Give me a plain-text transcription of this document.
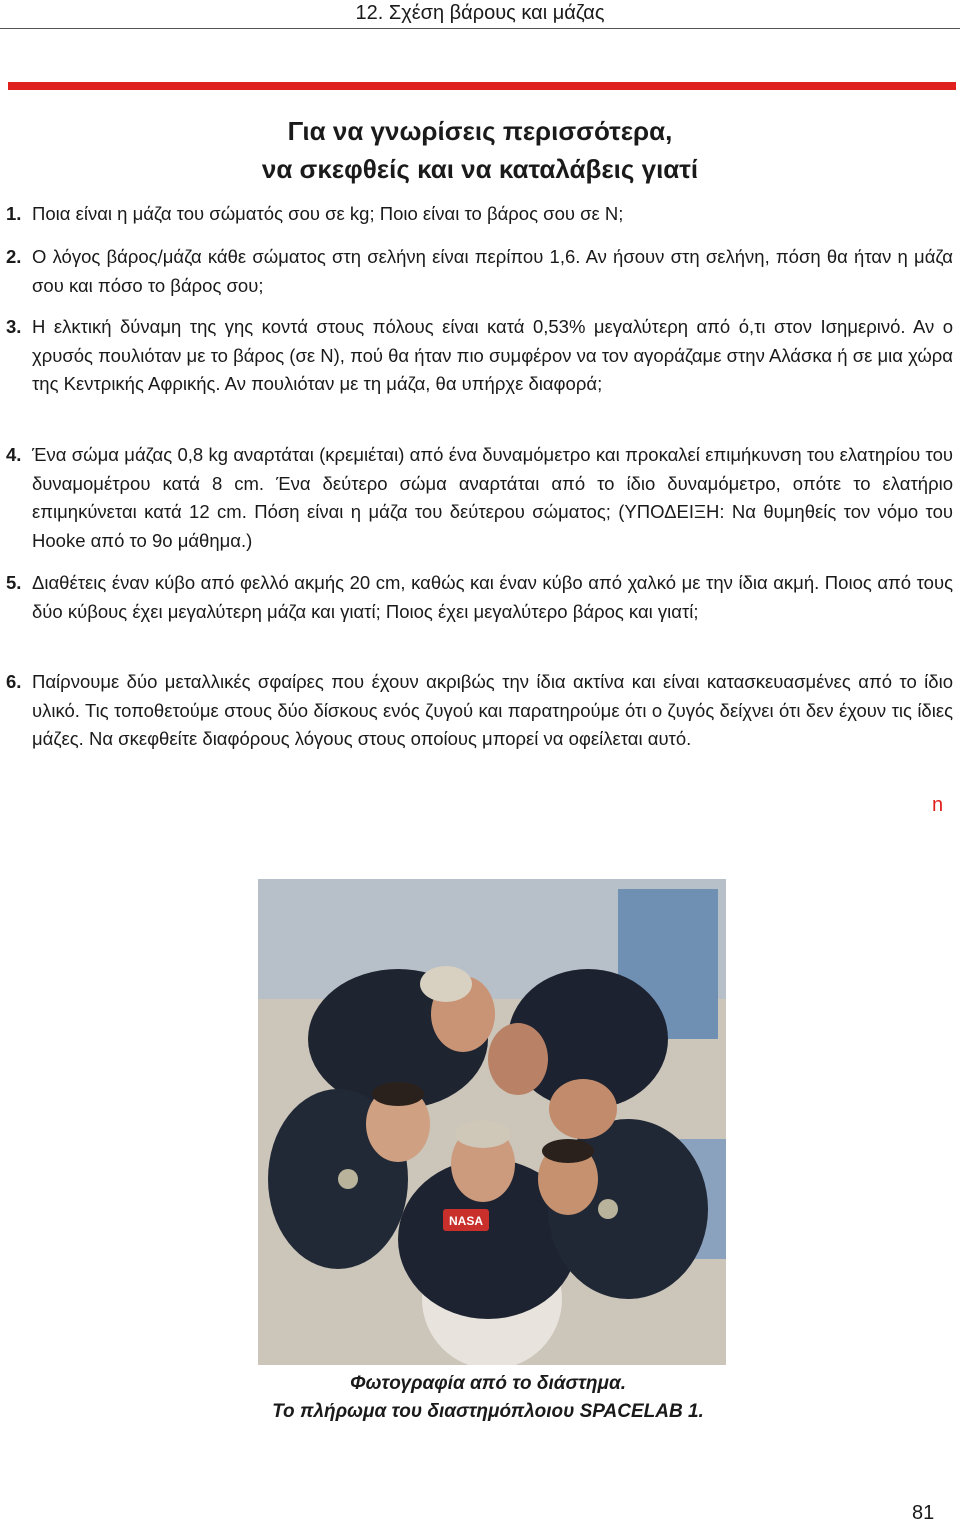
12. Σχέση βάρους και μάζας
Για να γνωρίσεις περισσότερα,
να σκεφθείς και να καταλάβεις γιατί
1. Ποια είναι η μάζα του σώματός σου σε kg; Ποιο είναι το βάρος σου σε N;
2. Ο λόγος βάρος/μάζα κάθε σώματος στη σελήνη είναι περίπου 1,6. Αν ήσουν στη σελήνη, πόση θα ήταν η μάζα σου και πόσο το βάρος σου;
3. Η ελκτική δύναμη της γης κοντά στους πόλους είναι κατά 0,53% μεγαλύτερη από ό,τι στον Ισημερινό. Αν ο χρυσός πουλιόταν με το βάρος (σε N), πού θα ήταν πιο συμφέρον να τον αγοράζαμε στην Αλάσκα ή σε μια χώρα της Κεντρικής Αφρικής. Αν πουλιόταν με τη μάζα, θα υπήρχε διαφορά;
4. Ένα σώμα μάζας 0,8 kg αναρτάται (κρεμιέται) από ένα δυναμόμετρο και προκαλεί επιμήκυνση του ελατηρίου του δυναμομέτρου κατά 8 cm. Ένα δεύτερο σώμα αναρτάται από το ίδιο δυναμόμετρο, οπότε το ελατήριο επιμηκύνεται κατά 12 cm. Πόση είναι η μάζα του δεύτερου σώματος; (ΥΠΟΔΕΙΞΗ: Να θυμηθείς τον νόμο του Hooke από το 9ο μάθημα.)
5. Διαθέτεις έναν κύβο από φελλό ακμής 20 cm, καθώς και έναν κύβο από χαλκό με την ίδια ακμή. Ποιος από τους δύο κύβους έχει μεγαλύτερη μάζα και γιατί; Ποιος έχει μεγαλύτερο βάρος και γιατί;
6. Παίρνουμε δύο μεταλλικές σφαίρες που έχουν ακριβώς την ίδια ακτίνα και είναι κατασκευασμένες από το ίδιο υλικό. Τις τοποθετούμε στους δύο δίσκους ενός ζυγού και παρατηρούμε ότι ο ζυγός δείχνει ότι δεν έχουν τις ίδιες μάζες. Να σκεφθείτε διαφόρους λόγους στους οποίους μπορεί να οφείλεται αυτό.
n
NASA
Φωτογραφία από το διάστημα.
Το πλήρωμα του διαστημόπλοιου SPACELAB 1.
81
